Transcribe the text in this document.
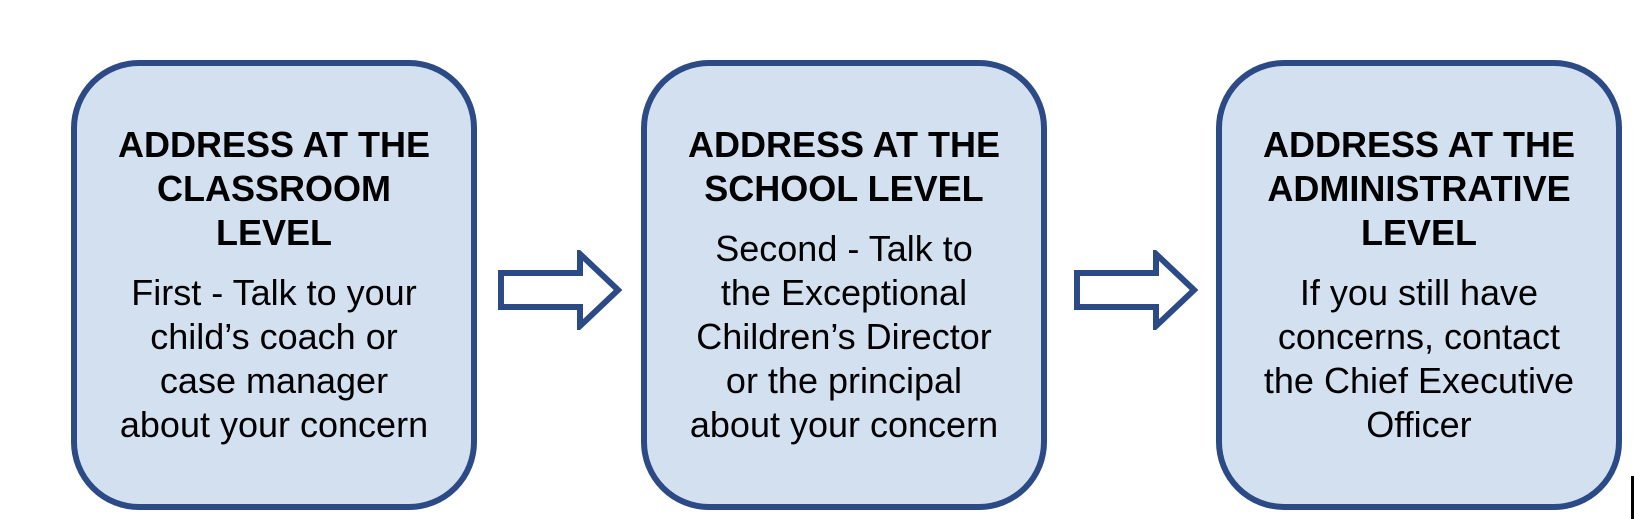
ADDRESS AT THE
CLASSROOM
LEVEL
First - Talk to your
child’s coach or
case manager
about your concern
ADDRESS AT THE
SCHOOL LEVEL
Second - Talk to
the Exceptional
Children’s Director
or the principal
about your concern
ADDRESS AT THE
ADMINISTRATIVE
LEVEL
If you still have
concerns, contact
the Chief Executive
Officer
